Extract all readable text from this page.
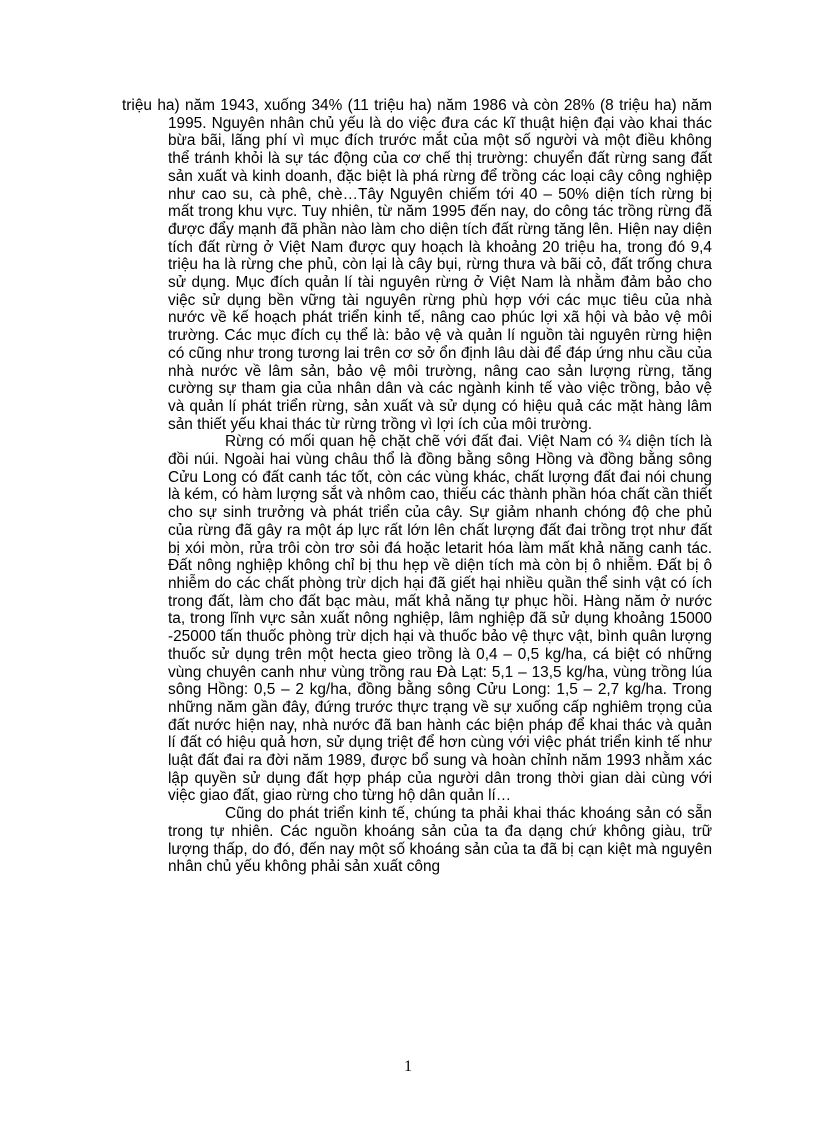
triệu ha) năm 1943, xuống 34% (11 triệu ha) năm 1986 và còn 28% (8 triệu ha) năm 1995. Nguyên nhân chủ yếu là do việc đưa các kĩ thuật hiện đại vào khai thác bừa bãi, lãng phí vì mục đích trước mắt của một số người và một điều không thể tránh khỏi là sự tác động của cơ chế thị trường: chuyển đất rừng sang đất sản xuất và kinh doanh, đặc biệt là phá rừng để trồng các loại cây công nghiệp như cao su, cà phê, chè…Tây Nguyên chiếm tới 40 – 50% diện tích rừng bị mất trong khu vực. Tuy nhiên, từ năm 1995 đến nay, do công tác trồng rừng đã được đẩy mạnh đã phần nào làm cho diện tích đất rừng tăng lên. Hiện nay diện tích đất rừng ở Việt Nam được quy hoạch là khoảng 20 triệu ha, trong đó 9,4 triệu ha là rừng che phủ, còn lại là cây bụi, rừng thưa và bãi cỏ, đất trống chưa sử dụng. Mục đích quản lí tài nguyên rừng ở Việt Nam là nhằm đảm bảo cho việc sử dụng bền vững tài nguyên rừng phù hợp với các mục tiêu của nhà nước về kế hoạch phát triển kinh tế, nâng cao phúc lợi xã hội và bảo vệ môi trường. Các mục đích cụ thể là: bảo vệ và quản lí nguồn tài nguyên rừng hiện có cũng như trong tương lai trên cơ sở ổn định lâu dài để đáp ứng nhu cầu của nhà nước về lâm sản, bảo vệ môi trường, nâng cao sản lượng rừng, tăng cường sự tham gia của nhân dân và các ngành kinh tế vào việc trồng, bảo vệ và quản lí phát triển rừng, sản xuất và sử dụng có hiệu quả các mặt hàng lâm sản thiết yếu khai thác từ rừng trồng vì lợi ích của môi trường.

Rừng có mối quan hệ chặt chẽ với đất đai. Việt Nam có ¾ diện tích là đồi núi. Ngoài hai vùng châu thổ là đồng bằng sông Hồng và đồng bằng sông Cửu Long có đất canh tác tốt, còn các vùng khác, chất lượng đất đai nói chung là kém, có hàm lượng sắt và nhôm cao, thiếu các thành phần hóa chất cần thiết cho sự sinh trưởng và phát triển của cây. Sự giảm nhanh chóng độ che phủ của rừng đã gây ra một áp lực rất lớn lên chất lượng đất đai trồng trọt như đất bị xói mòn, rửa trôi còn trơ sỏi đá hoặc letarit hóa làm mất khả năng canh tác. Đất nông nghiệp không chỉ bị thu hẹp về diện tích mà còn bị ô nhiễm. Đất bị ô nhiễm do các chất phòng trừ dịch hại đã giết hại nhiều quần thể sinh vật có ích trong đất, làm cho đất bạc màu, mất khả năng tự phục hồi. Hàng năm ở nước ta, trong lĩnh vực sản xuất nông nghiệp, lâm nghiệp đã sử dụng khoảng 15000 -25000 tấn thuốc phòng trừ dịch hại và thuốc bảo vệ thực vật, bình quân lượng thuốc sử dụng trên một hecta gieo trồng là 0,4 – 0,5 kg/ha, cá biệt có những vùng chuyên canh như vùng trồng rau Đà Lạt: 5,1 – 13,5 kg/ha, vùng trồng lúa sông Hồng: 0,5 – 2 kg/ha, đồng bằng sông Cửu Long: 1,5 – 2,7 kg/ha. Trong những năm gần đây, đứng trước thực trạng về sự xuống cấp nghiêm trọng của đất nước hiện nay, nhà nước đã ban hành các biện pháp để khai thác và quản lí đất có hiệu quả hơn, sử dụng triệt để hơn cùng với việc phát triển kinh tế như luật đất đai ra đời năm 1989, được bổ sung và hoàn chỉnh năm 1993 nhằm xác lập quyền sử dụng đất hợp pháp của người dân trong thời gian dài cùng với việc giao đất, giao rừng cho từng hộ dân quản lí…

Cũng do phát triển kinh tế, chúng ta phải khai thác khoáng sản có sẵn trong tự nhiên. Các nguồn khoáng sản của ta đa dạng chứ không giàu, trữ lượng thấp, do đó, đến nay một số khoáng sản của ta đã bị cạn kiệt mà nguyên nhân chủ yếu không phải sản xuất công

1
